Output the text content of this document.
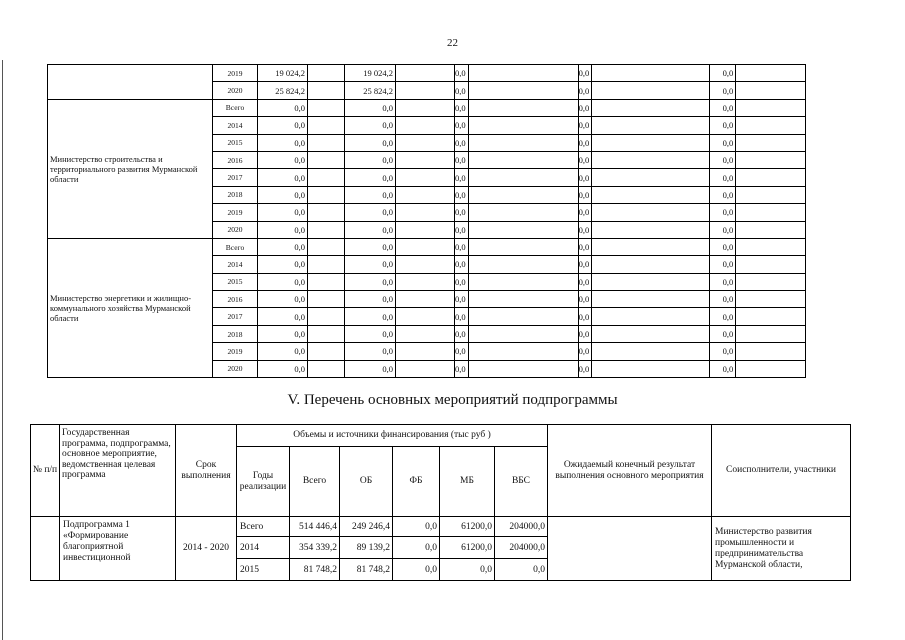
22
	2019	19 024,2		19 024,2		0,0		0,0		0,0	
	2020	25 824,2		25 824,2		0,0		0,0		0,0	
Министерство строительства и территориального развития Мурманской области	Всего	0,0		0,0		0,0		0,0		0,0	
	2014	0,0		0,0		0,0		0,0		0,0	
	2015	0,0		0,0		0,0		0,0		0,0	
	2016	0,0		0,0		0,0		0,0		0,0	
	2017	0,0		0,0		0,0		0,0		0,0	
	2018	0,0		0,0		0,0		0,0		0,0	
	2019	0,0		0,0		0,0		0,0		0,0	
	2020	0,0		0,0		0,0		0,0		0,0	
Министерство энергетики и жилищно-коммунального хозяйства Мурманской области	Всего	0,0		0,0		0,0		0,0		0,0	
	2014	0,0		0,0		0,0		0,0		0,0	
	2015	0,0		0,0		0,0		0,0		0,0	
	2016	0,0		0,0		0,0		0,0		0,0	
	2017	0,0		0,0		0,0		0,0		0,0	
	2018	0,0		0,0		0,0		0,0		0,0	
	2019	0,0		0,0		0,0		0,0		0,0	
	2020	0,0		0,0		0,0		0,0		0,0	
V. Перечень основных мероприятий подпрограммы
№ п/п	Государственная программа, подпрограмма, основное мероприятие, ведомственная целевая программа	Срок выполнения	Объемы и источники финансирования (тыс руб )						Ожидаемый конечный результат выполнения основного мероприятия	Соисполнители, участники
			Годы реализации	Всего	ОБ	ФБ	МБ	ВБС		
	Подпрограмма 1 «Формирование благоприятной инвестиционной	2014 - 2020	Всего	514 446,4	249 246,4	0,0	61200,0	204000,0		Министерство развития промышленности и предпринимательства Мурманской области,
			2014	354 339,2	89 139,2	0,0	61200,0	204000,0		
			2015	81 748,2	81 748,2	0,0	0,0	0,0		
